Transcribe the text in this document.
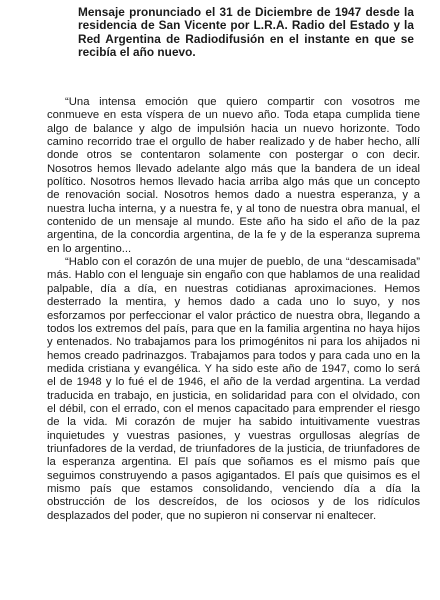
Mensaje pronunciado el 31 de Diciembre de 1947 desde la residencia de San Vicente por L.R.A. Radio del Estado y la Red Argentina de Radiodifusión en el instante en que se recibía el año nuevo.

“Una intensa emoción que quiero compartir con vosotros me conmueve en esta víspera de un nuevo año. Toda etapa cumplida tiene algo de balance y algo de impulsión hacia un nuevo horizonte. Todo camino recorrido trae el orgullo de haber realizado y de haber hecho, allí donde otros se contentaron solamente con postergar o con decir. Nosotros hemos llevado adelante algo más que la bandera de un ideal político. Nosotros hemos llevado hacia arriba algo más que un concepto de renovación social. Nosotros hemos dado a nuestra esperanza, y a nuestra lucha interna, y a nuestra fe, y al tono de nuestra obra manual, el contenido de un mensaje al mundo. Este año ha sido el año de la paz argentina, de la concordia argentina, de la fe y de la esperanza suprema en lo argentino...

“Hablo con el corazón de una mujer de pueblo, de una “descamisada” más. Hablo con el lenguaje sin engaño con que hablamos de una realidad palpable, día a día, en nuestras cotidianas aproximaciones. Hemos desterrado la mentira, y hemos dado a cada uno lo suyo, y nos esforzamos por perfeccionar el valor práctico de nuestra obra, llegando a todos los extremos del país, para que en la familia argentina no haya hijos y entenados. No trabajamos para los primogénitos ni para los ahijados ni hemos creado padrinazgos. Trabajamos para todos y para cada uno en la medida cristiana y evangélica. Y ha sido este año de 1947, como lo será el de 1948 y lo fué el de 1946, el año de la verdad argentina. La verdad traducida en trabajo, en justicia, en solidaridad para con el olvidado, con el débil, con el errado, con el menos capacitado para emprender el riesgo de la vida. Mi corazón de mujer ha sabido intuitivamente vuestras inquietudes y vuestras pasiones, y vuestras orgullosas alegrías de triunfadores de la verdad, de triunfadores de la justicia, de triunfadores de la esperanza argentina. El país que soñamos es el mismo país que seguimos construyendo a pasos agigantados. El país que quisimos es el mismo país que estamos consolidando, venciendo día a día la obstrucción de los descreídos, de los ociosos y de los ridículos desplazados del poder, que no supieron ni conservar ni enaltecer.
